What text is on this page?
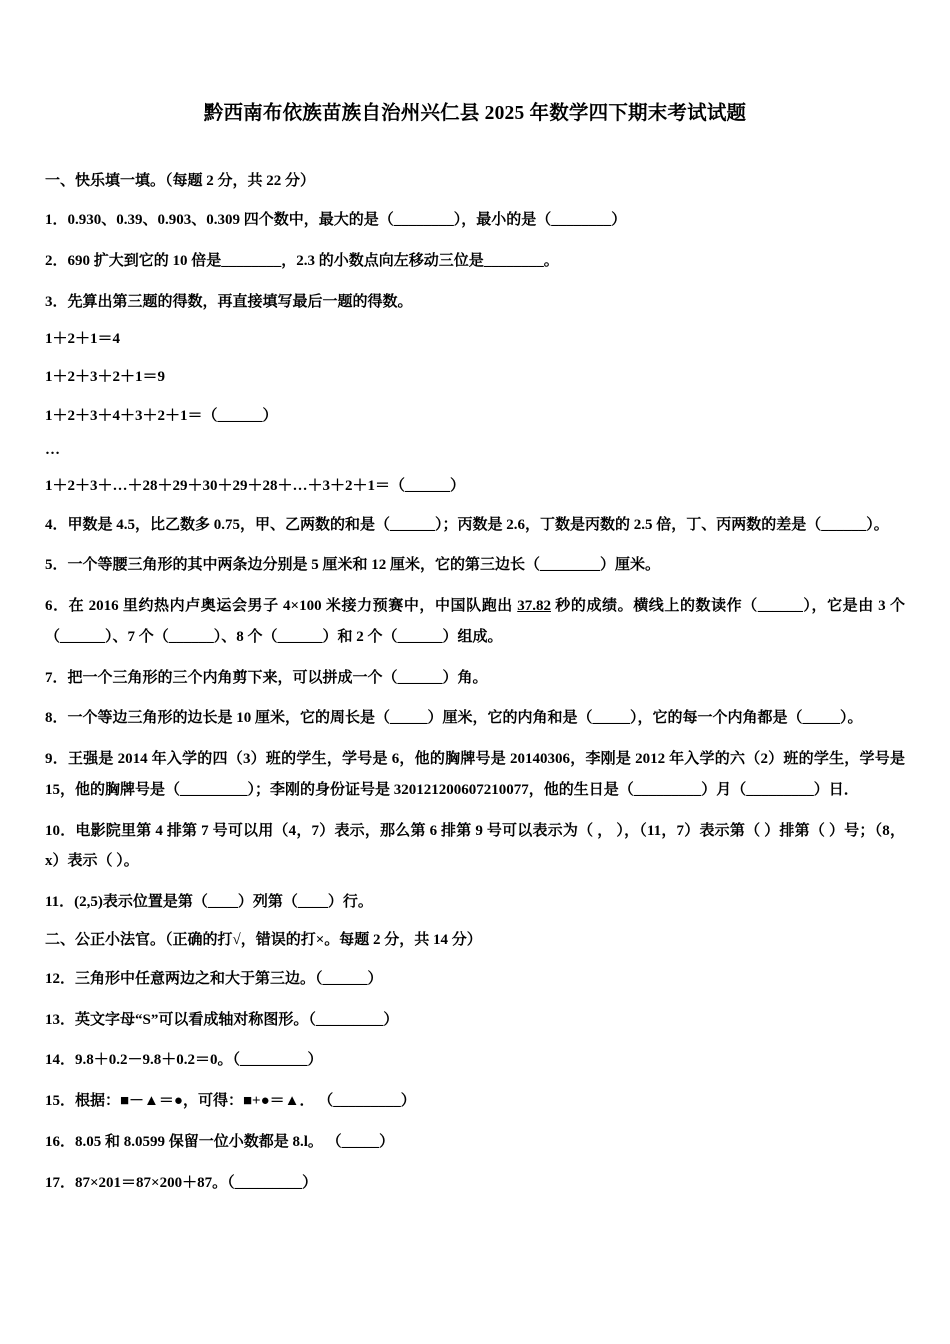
黔西南布依族苗族自治州兴仁县 2025 年数学四下期末考试试题
一、快乐填一填。（每题 2 分，共 22 分）
1．0.930、0.39、0.903、0.309 四个数中，最大的是（________），最小的是（________）
2．690 扩大到它的 10 倍是________，2.3 的小数点向左移动三位是________。
3．先算出第三题的得数，再直接填写最后一题的得数。
1＋2＋1＝4
1＋2＋3＋2＋1＝9
1＋2＋3＋4＋3＋2＋1＝（______）
…
1＋2＋3＋…＋28＋29＋30＋29＋28＋…＋3＋2＋1＝（______）
4．甲数是 4.5，比乙数多 0.75，甲、乙两数的和是（______）；丙数是 2.6，丁数是丙数的 2.5 倍，丁、丙两数的差是（______）。
5．一个等腰三角形的其中两条边分别是 5 厘米和 12 厘米，它的第三边长（________）厘米。
6．在 2016 里约热内卢奥运会男子 4×100 米接力预赛中，中国队跑出 37.82 秒的成绩。横线上的数读作（______），它是由 3 个（______）、7 个（______）、8 个（______）和 2 个（______）组成。
7．把一个三角形的三个内角剪下来，可以拼成一个（______）角。
8．一个等边三角形的边长是 10 厘米，它的周长是（_____）厘米，它的内角和是（_____），它的每一个内角都是（_____）。
9．王强是 2014 年入学的四（3）班的学生，学号是 6，他的胸牌号是 20140306，李刚是 2012 年入学的六（2）班的学生，学号是 15，他的胸牌号是（_________）；李刚的身份证号是 320121200607210077，他的生日是（_________）月（_________）日．
10．电影院里第 4 排第 7 号可以用（4，7）表示，那么第 6 排第 9 号可以表示为（ ， ），（11，7）表示第（ ）排第（ ）号；（8，x）表示（ ）。
11．(2,5)表示位置是第（____）列第（____）行。
二、公正小法官。（正确的打√，错误的打×。每题 2 分，共 14 分）
12．三角形中任意两边之和大于第三边。（______）
13．英文字母“S”可以看成轴对称图形。（_________）
14．9.8＋0.2－9.8＋0.2＝0。（_________）
15．根据：■－▲＝●，可得：■+●＝▲． （_________）
16．8.05 和 8.0599 保留一位小数都是 8.l。 （_____）
17．87×201＝87×200＋87。（_________）
